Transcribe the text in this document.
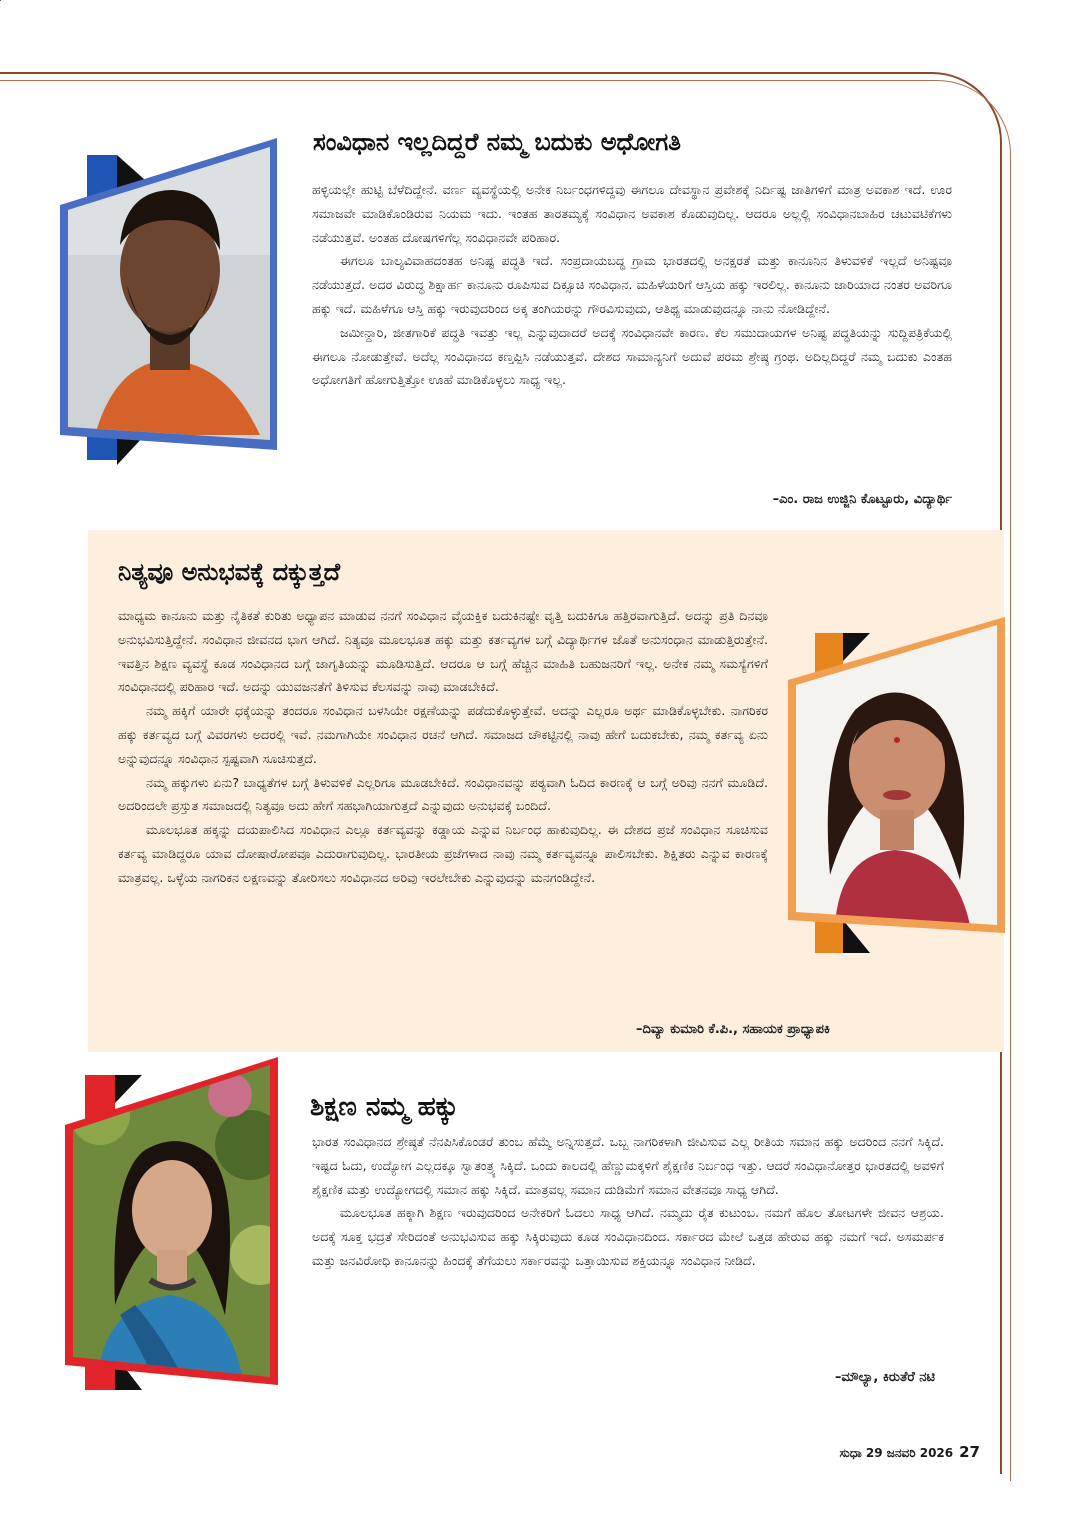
ಸಂವಿಧಾನ ಇಲ್ಲದಿದ್ದರೆ ನಮ್ಮ ಬದುಕು ಅಧೋಗತಿ

ಹಳ್ಳಿಯಲ್ಲೇ ಹುಟ್ಟಿ ಬೆಳೆದಿದ್ದೇನೆ. ವರ್ಣ ವ್ಯವಸ್ಥೆಯಲ್ಲಿ ಅನೇಕ ನಿರ್ಬಂಧಗಳಿದ್ದವು ಈಗಲೂ ದೇವಸ್ಥಾನ ಪ್ರವೇಶಕ್ಕೆ ನಿರ್ದಿಷ್ಟ ಜಾತಿಗಳಿಗೆ ಮಾತ್ರ ಅವಕಾಶ ಇದೆ. ಊರ ಸಮಾಜವೇ ಮಾಡಿಕೊಂಡಿರುವ ನಿಯಮ ಇದು. ಇಂತಹ ತಾರತಮ್ಯಕ್ಕೆ ಸಂವಿಧಾನ ಅವಕಾಶ ಕೊಡುವುದಿಲ್ಲ. ಆದರೂ ಅಲ್ಲಲ್ಲಿ ಸಂವಿಧಾನಬಾಹಿರ ಚಟುವಟಿಕೆಗಳು ನಡೆಯುತ್ತವೆ. ಅಂತಹ ದೋಷಗಳಿಗೆಲ್ಲ ಸಂವಿಧಾನವೇ ಪರಿಹಾರ.

ಈಗಲೂ ಬಾಲ್ಯವಿವಾಹದಂತಹ ಅನಿಷ್ಟ ಪದ್ಧತಿ ಇದೆ. ಸಂಪ್ರದಾಯಬದ್ಧ ಗ್ರಾಮ ಭಾರತದಲ್ಲಿ ಅನಕ್ಷರತೆ ಮತ್ತು ಕಾನೂನಿನ ತಿಳುವಳಿಕೆ ಇಲ್ಲದೆ ಅನಿಷ್ಟವೂ ನಡೆಯುತ್ತದೆ. ಅದರ ವಿರುದ್ಧ ಶಿಕ್ಷಾರ್ಹ ಕಾನೂನು ರೂಪಿಸುವ ದಿಕ್ಸೂಚಿ ಸಂವಿಧಾನ. ಮಹಿಳೆಯರಿಗೆ ಆಸ್ತಿಯ ಹಕ್ಕು ಇರಲಿಲ್ಲ. ಕಾನೂನು ಜಾರಿಯಾದ ನಂತರ ಅವರಿಗೂ ಹಕ್ಕು ಇದೆ. ಮಹಿಳೆಗೂ ಆಸ್ತಿ ಹಕ್ಕು ಇರುವುದರಿಂದ ಅಕ್ಕ ತಂಗಿಯರನ್ನು ಗೌರವಿಸುವುದು, ಆತಿಥ್ಯ ಮಾಡುವುದನ್ನೂ ನಾನು ನೋಡಿದ್ದೇನೆ.

ಜಮೀನ್ದಾರಿ, ಜೀತಗಾರಿಕೆ ಪದ್ಧತಿ ಇವತ್ತು ಇಲ್ಲ ಎನ್ನುವುದಾದರೆ ಅದಕ್ಕೆ ಸಂವಿಧಾನವೇ ಕಾರಣ. ಕೆಲ ಸಮುದಾಯಗಳ ಅನಿಷ್ಟ ಪದ್ಧತಿಯನ್ನು ಸುದ್ದಿಪತ್ರಿಕೆಯಲ್ಲಿ ಈಗಲೂ ನೋಡುತ್ತೇವೆ. ಅದೆಲ್ಲ ಸಂವಿಧಾನದ ಕಣ್ತಪ್ಪಿಸಿ ನಡೆಯುತ್ತವೆ. ದೇಶದ ಸಾಮಾನ್ಯನಿಗೆ ಅದುವೆ ಪರಮ ಶ್ರೇಷ್ಠ ಗ್ರಂಥ. ಅದಿಲ್ಲದಿದ್ದರೆ ನಮ್ಮ ಬದುಕು ಎಂತಹ ಅಧೋಗತಿಗೆ ಹೋಗುತ್ತಿತ್ತೋ ಊಹೆ ಮಾಡಿಕೊಳ್ಳಲು ಸಾಧ್ಯ ಇಲ್ಲ.

–ಎಂ. ರಾಜ ಉಜ್ಜಿನಿ ಕೊಟ್ಟೂರು, ವಿದ್ಯಾರ್ಥಿ
ನಿತ್ಯವೂ ಅನುಭವಕ್ಕೆ ದಕ್ಕುತ್ತದೆ

ಮಾಧ್ಯಮ ಕಾನೂನು ಮತ್ತು ನೈತಿಕತೆ ಕುರಿತು ಅಧ್ಯಾಪನ ಮಾಡುವ ನನಗೆ ಸಂವಿಧಾನ ವೈಯಕ್ತಿಕ ಬದುಕಿನಷ್ಟೇ ವೃತ್ತಿ ಬದುಕಿಗೂ ಹತ್ತಿರವಾಗುತ್ತಿದೆ. ಅದನ್ನು ಪ್ರತಿ ದಿನವೂ ಅನುಭವಿಸುತ್ತಿದ್ದೇನೆ. ಸಂವಿಧಾನ ಜೀವನದ ಭಾಗ ಆಗಿದೆ. ನಿತ್ಯವೂ ಮೂಲಭೂತ ಹಕ್ಕು ಮತ್ತು ಕರ್ತವ್ಯಗಳ ಬಗ್ಗೆ ವಿದ್ಯಾರ್ಥಿಗಳ ಜೊತೆ ಅನುಸಂಧಾನ ಮಾಡುತ್ತಿರುತ್ತೇನೆ. ಇವತ್ತಿನ ಶಿಕ್ಷಣ ವ್ಯವಸ್ಥೆ ಕೂಡ ಸಂವಿಧಾನದ ಬಗ್ಗೆ ಜಾಗೃತಿಯನ್ನು ಮೂಡಿಸುತ್ತಿದೆ. ಆದರೂ ಆ ಬಗ್ಗೆ ಹೆಚ್ಚಿನ ಮಾಹಿತಿ ಬಹುಜನರಿಗೆ ಇಲ್ಲ. ಅನೇಕ ನಮ್ಮ ಸಮಸ್ಯೆಗಳಿಗೆ ಸಂವಿಧಾನದಲ್ಲಿ ಪರಿಹಾರ ಇದೆ. ಅದನ್ನು ಯುವಜನತೆಗೆ ತಿಳಿಸುವ ಕೆಲಸವನ್ನು ನಾವು ಮಾಡಬೇಕಿದೆ.

ನಮ್ಮ ಹಕ್ಕಿಗೆ ಯಾರೇ ಧಕ್ಕೆಯನ್ನು ತಂದರೂ ಸಂವಿಧಾನ ಬಳಸಿಯೇ ರಕ್ಷಣೆಯನ್ನು ಪಡೆದುಕೊಳ್ಳುತ್ತೇವೆ. ಅದನ್ನು ಎಲ್ಲರೂ ಅರ್ಥ ಮಾಡಿಕೊಳ್ಳಬೇಕು. ನಾಗರಿಕರ ಹಕ್ಕು ಕರ್ತವ್ಯದ ಬಗ್ಗೆ ವಿವರಗಳು ಅದರಲ್ಲಿ ಇವೆ. ನಮಗಾಗಿಯೇ ಸಂವಿಧಾನ ರಚನೆ ಆಗಿದೆ. ಸಮಾಜದ ಚೌಕಟ್ಟಿನಲ್ಲಿ ನಾವು ಹೇಗೆ ಬದುಕಬೇಕು, ನಮ್ಮ ಕರ್ತವ್ಯ ಏನು ಅನ್ನುವುದನ್ನೂ ಸಂವಿಧಾನ ಸ್ಪಷ್ಟವಾಗಿ ಸೂಚಿಸುತ್ತದೆ.

ನಮ್ಮ ಹಕ್ಕುಗಳು ಏನು? ಬಾಧ್ಯತೆಗಳ ಬಗ್ಗೆ ತಿಳುವಳಿಕೆ ಎಲ್ಲರಿಗೂ ಮೂಡಬೇಕಿದೆ. ಸಂವಿಧಾನವನ್ನು ಪಠ್ಯವಾಗಿ ಓದಿದ ಕಾರಣಕ್ಕೆ ಆ ಬಗ್ಗೆ ಅರಿವು ನನಗೆ ಮೂಡಿದೆ. ಅದರಿಂದಲೇ ಪ್ರಸ್ತುತ ಸಮಾಜದಲ್ಲಿ ನಿತ್ಯವೂ ಅದು ಹೇಗೆ ಸಹಭಾಗಿಯಾಗುತ್ತದೆ ಎನ್ನುವುದು ಅನುಭವಕ್ಕೆ ಬಂದಿದೆ.

ಮೂಲಭೂತ ಹಕ್ಕನ್ನು ದಯಪಾಲಿಸಿದ ಸಂವಿಧಾನ ಎಲ್ಲೂ ಕರ್ತವ್ಯವನ್ನು ಕಡ್ಡಾಯ ಎನ್ನುವ ನಿರ್ಬಂಧ ಹಾಕುವುದಿಲ್ಲ. ಈ ದೇಶದ ಪ್ರಜೆ ಸಂವಿಧಾನ ಸೂಚಿಸುವ ಕರ್ತವ್ಯ ಮಾಡಿದ್ದರೂ ಯಾವ ದೋಷಾರೋಪವೂ ಎದುರಾಗುವುದಿಲ್ಲ. ಭಾರತೀಯ ಪ್ರಜೆಗಳಾದ ನಾವು ನಮ್ಮ ಕರ್ತವ್ಯವನ್ನೂ ಪಾಲಿಸಬೇಕು. ಶಿಕ್ಷಿತರು ಎನ್ನುವ ಕಾರಣಕ್ಕೆ ಮಾತ್ರವಲ್ಲ. ಒಳ್ಳೆಯ ನಾಗರಿಕನ ಲಕ್ಷಣವನ್ನು ತೋರಿಸಲು ಸಂವಿಧಾನದ ಅರಿವು ಇರಲೇಬೇಕು ಎನ್ನುವುದನ್ನು ಮನಗಂಡಿದ್ದೇನೆ.

–ದಿವ್ಯಾ ಕುಮಾರಿ ಕೆ.ಪಿ., ಸಹಾಯಕ ಪ್ರಾಧ್ಯಾಪಕಿ
ಶಿಕ್ಷಣ ನಮ್ಮ ಹಕ್ಕು

ಭಾರತ ಸಂವಿಧಾನದ ಶ್ರೇಷ್ಠತೆ ನೆನಪಿಸಿಕೊಂಡರೆ ತುಂಬ ಹೆಮ್ಮೆ ಅನ್ನಿಸುತ್ತದೆ. ಒಬ್ಬ ನಾಗರಿಕಳಾಗಿ ಜೀವಿಸುವ ಎಲ್ಲ ರೀತಿಯ ಸಮಾನ ಹಕ್ಕು ಅದರಿಂದ ನನಗೆ ಸಿಕ್ಕಿದೆ. ಇಷ್ಟದ ಓದು, ಉದ್ಯೋಗ ಎಲ್ಲದಕ್ಕೂ ಸ್ವಾತಂತ್ರ್ಯ ಸಿಕ್ಕಿದೆ. ಒಂದು ಕಾಲದಲ್ಲಿ ಹೆಣ್ಣುಮಕ್ಕಳಿಗೆ ಶೈಕ್ಷಣಿಕ ನಿರ್ಬಂಧ ಇತ್ತು. ಆದರೆ ಸಂವಿಧಾನೋತ್ತರ ಭಾರತದಲ್ಲಿ ಅವಳಿಗೆ ಶೈಕ್ಷಣಿಕ ಮತ್ತು ಉದ್ಯೋಗದಲ್ಲಿ ಸಮಾನ ಹಕ್ಕು ಸಿಕ್ಕಿದೆ. ಮಾತ್ರವಲ್ಲ ಸಮಾನ ದುಡಿಮೆಗೆ ಸಮಾನ ವೇತನವೂ ಸಾಧ್ಯ ಆಗಿದೆ.

ಮೂಲಭೂತ ಹಕ್ಕಾಗಿ ಶಿಕ್ಷಣ ಇರುವುದರಿಂದ ಅನೇಕರಿಗೆ ಓದಲು ಸಾಧ್ಯ ಆಗಿದೆ. ನಮ್ಮದು ರೈತ ಕುಟುಂಬ. ನಮಗೆ ಹೊಲ ತೋಟಗಳೇ ಜೀವನ ಆಶ್ರಯ. ಅದಕ್ಕೆ ಸೂಕ್ತ ಭದ್ರತೆ ಸೇರಿದಂತೆ ಅನುಭವಿಸುವ ಹಕ್ಕು ಸಿಕ್ಕಿರುವುದು ಕೂಡ ಸಂವಿಧಾನದಿಂದ. ಸರ್ಕಾರದ ಮೇಲೆ ಒತ್ತಡ ಹೇರುವ ಹಕ್ಕು ನಮಗೆ ಇದೆ. ಅಸಮರ್ಪಕ ಮತ್ತು ಜನವಿರೋಧಿ ಕಾನೂನನ್ನು ಹಿಂದಕ್ಕೆ ತೆಗೆಯಲು ಸರ್ಕಾರವನ್ನು ಒತ್ತಾಯಿಸುವ ಶಕ್ತಿಯನ್ನೂ ಸಂವಿಧಾನ ನೀಡಿದೆ.

–ಮೌಲ್ಯಾ, ಕಿರುತೆರೆ ನಟಿ
ಸುಧಾ 29 ಜನವರಿ 2026 27
